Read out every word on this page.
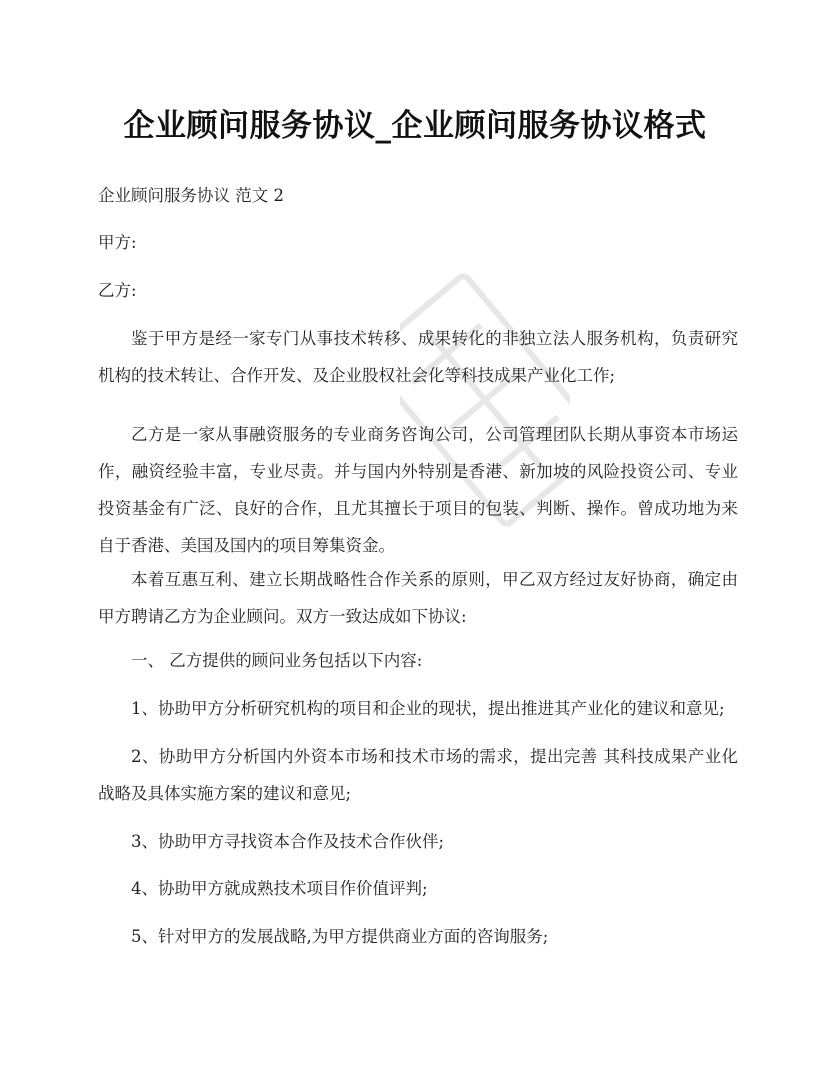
企业顾问服务协议_企业顾问服务协议格式
企业顾问服务协议 范文 2
甲方:
乙方:
鉴于甲方是经一家专门从事技术转移、成果转化的非独立法人服务机构，负责研究机构的技术转让、合作开发、及企业股权社会化等科技成果产业化工作;
乙方是一家从事融资服务的专业商务咨询公司，公司管理团队长期从事资本市场运作，融资经验丰富，专业尽责。并与国内外特别是香港、新加坡的风险投资公司、专业投资基金有广泛、良好的合作，且尤其擅长于项目的包装、判断、操作。曾成功地为来自于香港、美国及国内的项目筹集资金。
本着互惠互利、建立长期战略性合作关系的原则，甲乙双方经过友好协商，确定由甲方聘请乙方为企业顾问。双方一致达成如下协议:
一、 乙方提供的顾问业务包括以下内容:
1、协助甲方分析研究机构的项目和企业的现状，提出推进其产业化的建议和意见;
2、协助甲方分析国内外资本市场和技术市场的需求，提出完善 其科技成果产业化战略及具体实施方案的建议和意见;
3、协助甲方寻找资本合作及技术合作伙伴;
4、协助甲方就成熟技术项目作价值评判;
5、针对甲方的发展战略,为甲方提供商业方面的咨询服务;
